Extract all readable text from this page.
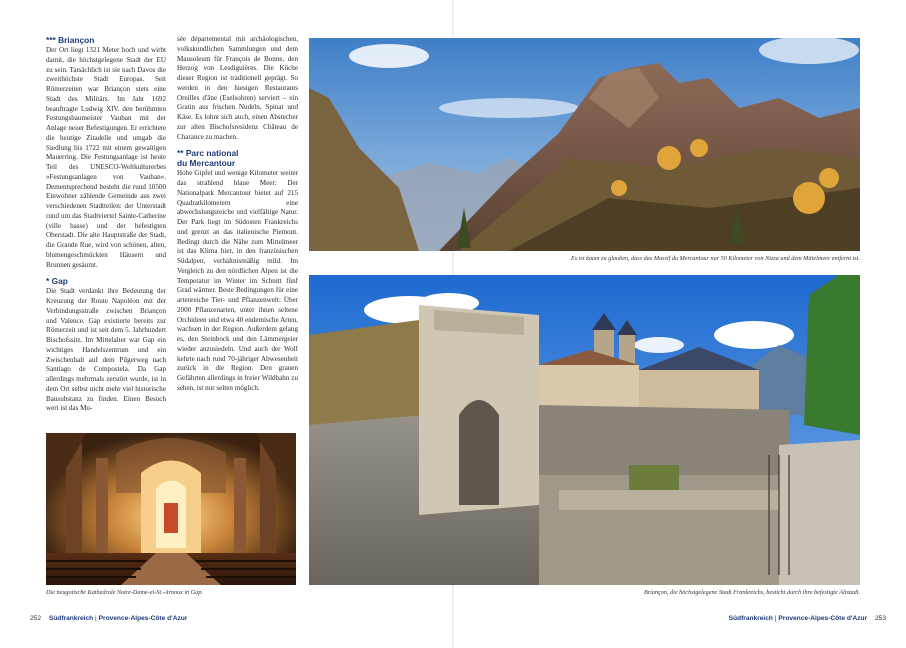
*** Briançon

Der Ort liegt 1321 Meter hoch und wirbt damit, die höchstgelegene Stadt der EU zu sein. Tatsächlich ist sie nach Davos die zweithöchste Stadt Europas. Seit Römerzeiten war Briançon stets eine Stadt des Militärs. Im Jahr 1692 beauftragte Ludwig XIV. den berühmten Festungsbaumeister Vauban mit der Anlage neuer Befestigungen. Er errichtete die heutige Zitadelle und umgab die Siedlung bis 1722 mit einem gewaltigen Mauerring. Die Festungsanlage ist heute Teil des UNESCO-Weltkulturerbes »Festungsanlagen von Vauban«. Dementsprechend besteht die rund 10500 Einwohner zählende Gemeinde aus zwei verschiedenen Stadtteilen: der Unterstadt rund um das Stadtviertel Sainte-Catherine (ville basse) und der befestigten Oberstadt. Die alte Hauptstraße der Stadt, die Grande Rue, wird von schönen, alten, blumengeschmückten Häusern und Brunnen gesäumt.

* Gap

Die Stadt verdankt ihre Bedeutung der Kreuzung der Route Napoléon mit der Verbindungsstraße zwischen Briançon und Valence. Gap existierte bereits zur Römerzeit und ist seit dem 5. Jahrhundert Bischofssitz. Im Mittelalter war Gap ein wichtiges Handelszentrum und ein Zwischenhalt auf dem Pilgerweg nach Santiago de Compostela. Da Gap allerdings mehrmals zerstört wurde, ist in dem Ort selbst nicht mehr viel historische Bausubstanz zu finden. Einen Besuch wert ist das Mu-

sée départemental mit archäologischen, volkskundlichen Sammlungen und dem Mausoleum für François de Bonne, den Herzog von Lesdiguières. Die Küche dieser Region ist traditionell geprägt. So werden in den hiesigen Restaurants Oreilles d'âne (Eselsohren) serviert – ein Gratin aus frischen Nudeln, Spinat und Käse. Es lohnt sich auch, einen Abstecher zur alten Bischofsresidenz Château de Charance zu machen.

** Parc national
du Mercantour

Hohe Gipfel und wenige Kilometer weiter das strahlend blaue Meer: Der Nationalpark Mercantour bietet auf 215 Quadratkilometern eine abwechslungsreiche und vielfältige Natur. Der Park liegt im Südosten Frankreichs und grenzt an das italienische Piemont. Bedingt durch die Nähe zum Mittelmeer ist das Klima hier, in den französischen Südalpen, verhältnismäßig mild. Im Vergleich zu den nördlichen Alpen ist die Temperatur im Winter im Schnitt fünf Grad wärmer. Beste Bedingungen für eine artenreiche Tier- und Pflanzenwelt: Über 2000 Pflanzenarten, unter ihnen seltene Orchideen und etwa 40 endemische Arten, wachsen in der Region. Außerdem gelang es, den Steinbock und den Lämmergeier wieder anzusiedeln. Und auch der Wolf kehrte nach rund 70-jähriger Abwesenheit zurück in die Region. Den grauen Gefährten allerdings in freier Wildbahn zu sehen, ist nur selten möglich.

Die neugotische Kathedrale Notre-Dame-et-St.-Arnoux in Gap.
Es ist kaum zu glauben, dass das Massif du Mercantour nur 50 Kilometer von Nizza und dem Mittelmeer entfernt ist.
Briançon, die höchstgelegene Stadt Frankreichs, besticht durch ihre befestigte Altstadt.
252 Südfrankreich | Provence-Alpes-Côte d'Azur	Südfrankreich | Provence-Alpes-Côte d'Azur 253
